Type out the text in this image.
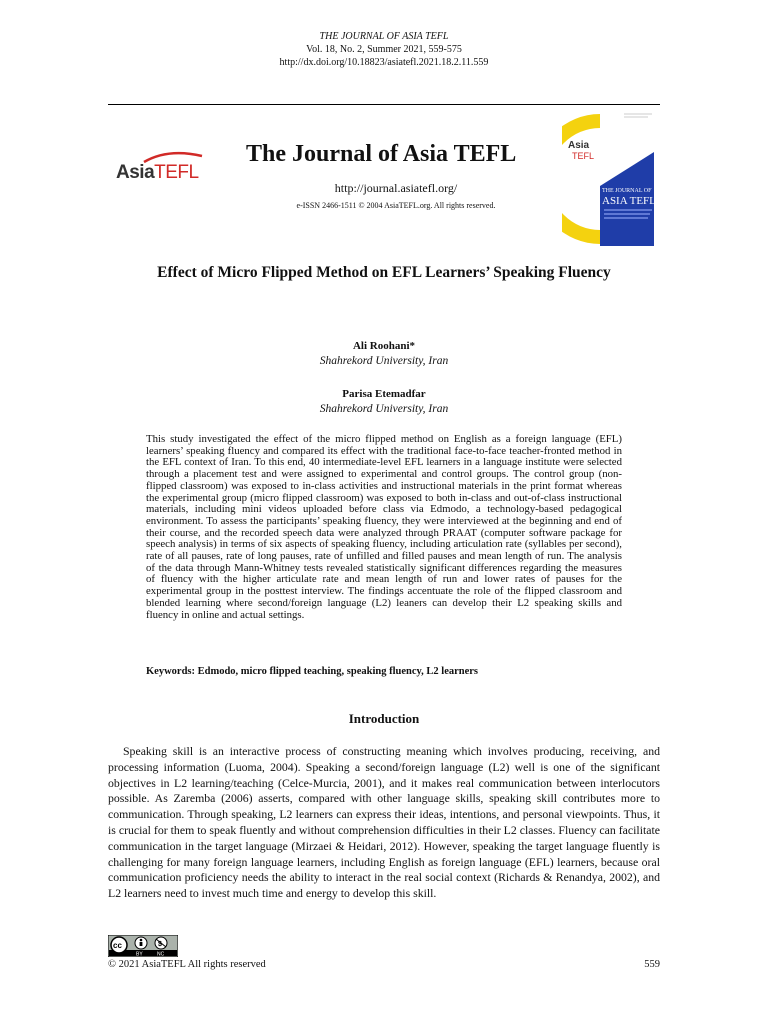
THE JOURNAL OF ASIA TEFL
Vol. 18, No. 2, Summer 2021, 559-575
http://dx.doi.org/10.18823/asiatefl.2021.18.2.11.559
AsiaTEFL
The Journal of Asia TEFL
http://journal.asiatefl.org/
e-ISSN 2466-1511 © 2004 AsiaTEFL.org. All rights reserved.
Asia
TEFL
THE JOURNAL OF
ASIA TEFL
Effect of Micro Flipped Method on EFL Learners’ Speaking Fluency
Ali Roohani*
Shahrekord University, Iran
Parisa Etemadfar
Shahrekord University, Iran
This study investigated the effect of the micro flipped method on English as a foreign language (EFL) learners’ speaking fluency and compared its effect with the traditional face-to-face teacher-fronted method in the EFL context of Iran. To this end, 40 intermediate-level EFL learners in a language institute were selected through a placement test and were assigned to experimental and control groups. The control group (non-flipped classroom) was exposed to in-class activities and instructional materials in the print format whereas the experimental group (micro flipped classroom) was exposed to both in-class and out-of-class instructional materials, including mini videos uploaded before class via Edmodo, a technology-based pedagogical environment. To assess the participants’ speaking fluency, they were interviewed at the beginning and end of their course, and the recorded speech data were analyzed through PRAAT (computer software package for speech analysis) in terms of six aspects of speaking fluency, including articulation rate (syllables per second), rate of all pauses, rate of long pauses, rate of unfilled and filled pauses and mean length of run. The analysis of the data through Mann-Whitney tests revealed statistically significant differences regarding the measures of fluency with the higher articulate rate and mean length of run and lower rates of pauses for the experimental group in the posttest interview. The findings accentuate the role of the flipped classroom and blended learning where second/foreign language (L2) leaners can develop their L2 speaking skills and fluency in online and actual settings.
Keywords: Edmodo, micro flipped teaching, speaking fluency, L2 learners
Introduction
Speaking skill is an interactive process of constructing meaning which involves producing, receiving, and processing information (Luoma, 2004). Speaking a second/foreign language (L2) well is one of the significant objectives in L2 learning/teaching (Celce-Murcia, 2001), and it makes real communication between interlocutors possible. As Zaremba (2006) asserts, compared with other language skills, speaking skill contributes more to communication. Through speaking, L2 learners can express their ideas, intentions, and personal viewpoints. Thus, it is crucial for them to speak fluently and without comprehension difficulties in their L2 classes. Fluency can facilitate communication in the target language (Mirzaei & Heidari, 2012). However, speaking the target language fluently is challenging for many foreign language learners, including English as foreign language (EFL) learners, because oral communication proficiency needs the ability to interact in the real social context (Richards & Renandya, 2002), and L2 learners need to invest much time and energy to develop this skill.
cc	$
BY	NC
© 2021 AsiaTEFL All rights reserved	559
